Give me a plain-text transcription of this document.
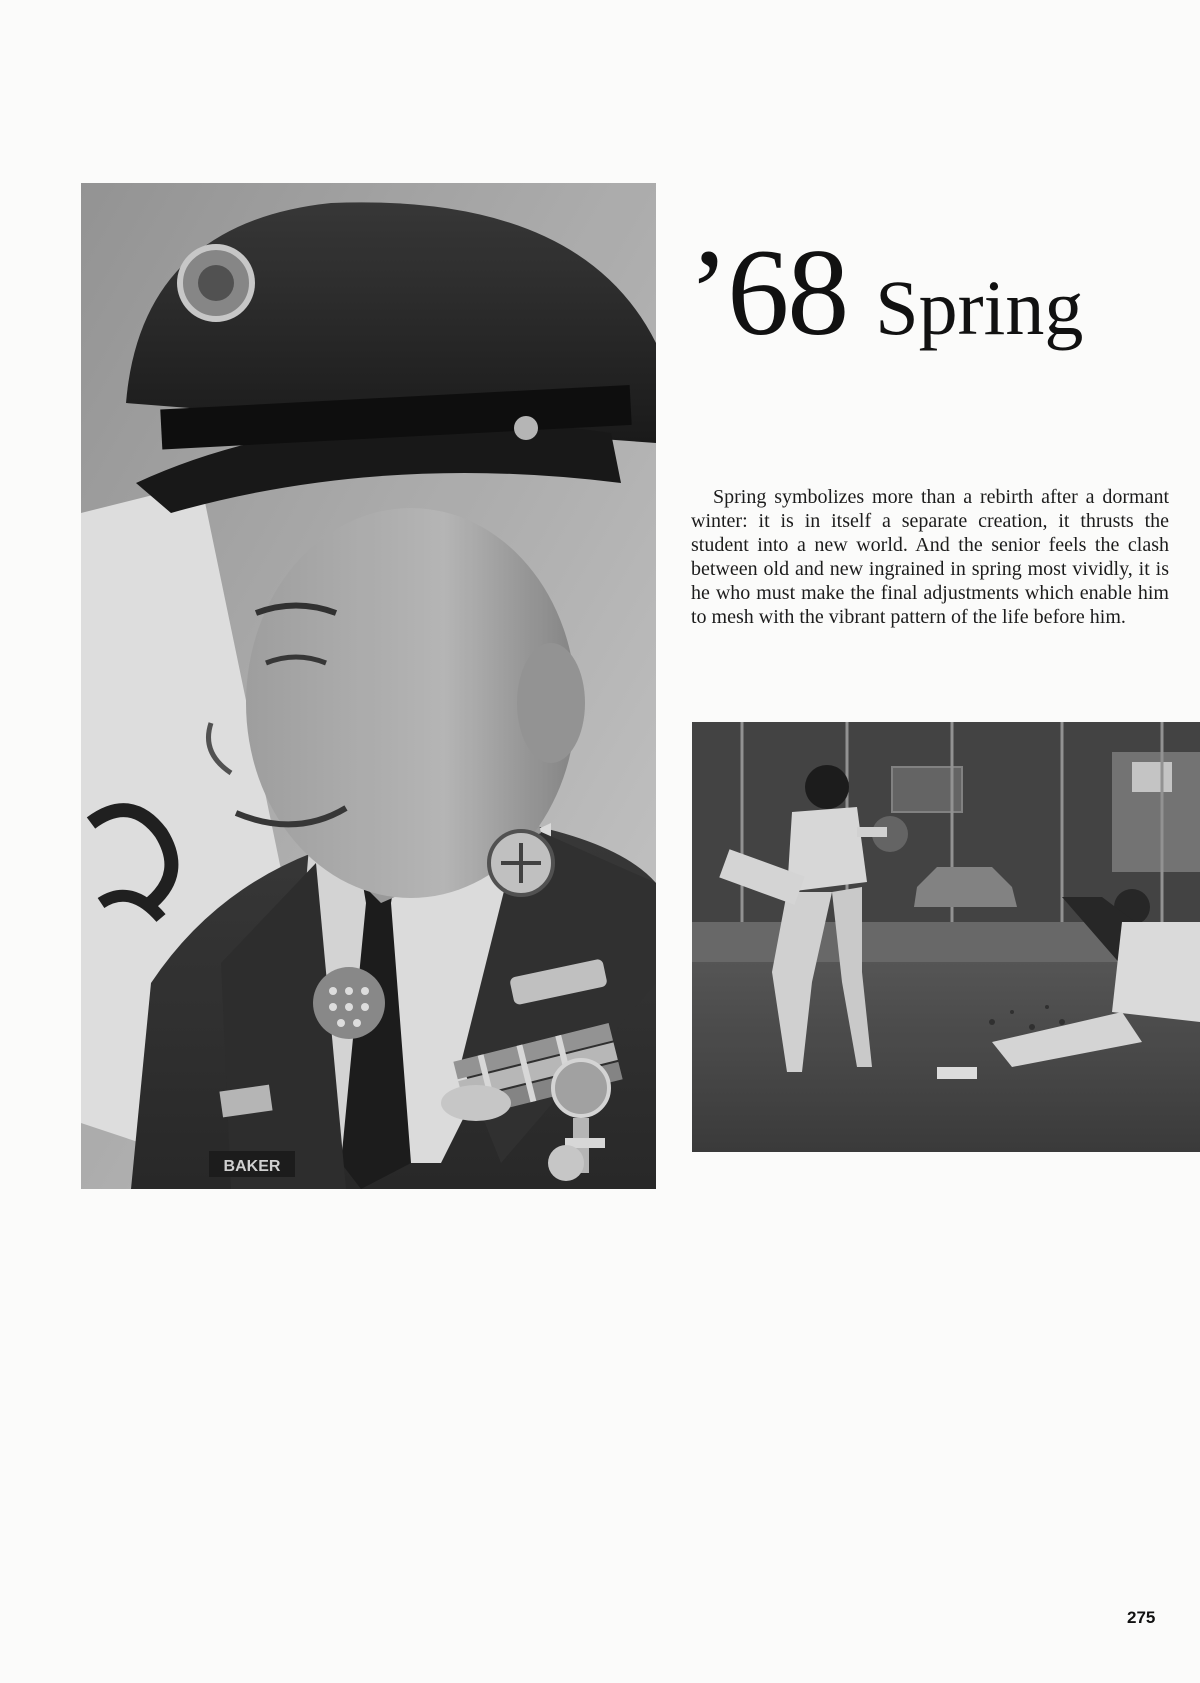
BAKER
’68 Spring

Spring symbolizes more than a rebirth after a dormant winter: it is in itself a separate creation, it thrusts the student into a new world. And the senior feels the clash between old and new ingrained in spring most vividly, it is he who must make the final adjustments which enable him to mesh with the vibrant pattern of the life before him.

275
